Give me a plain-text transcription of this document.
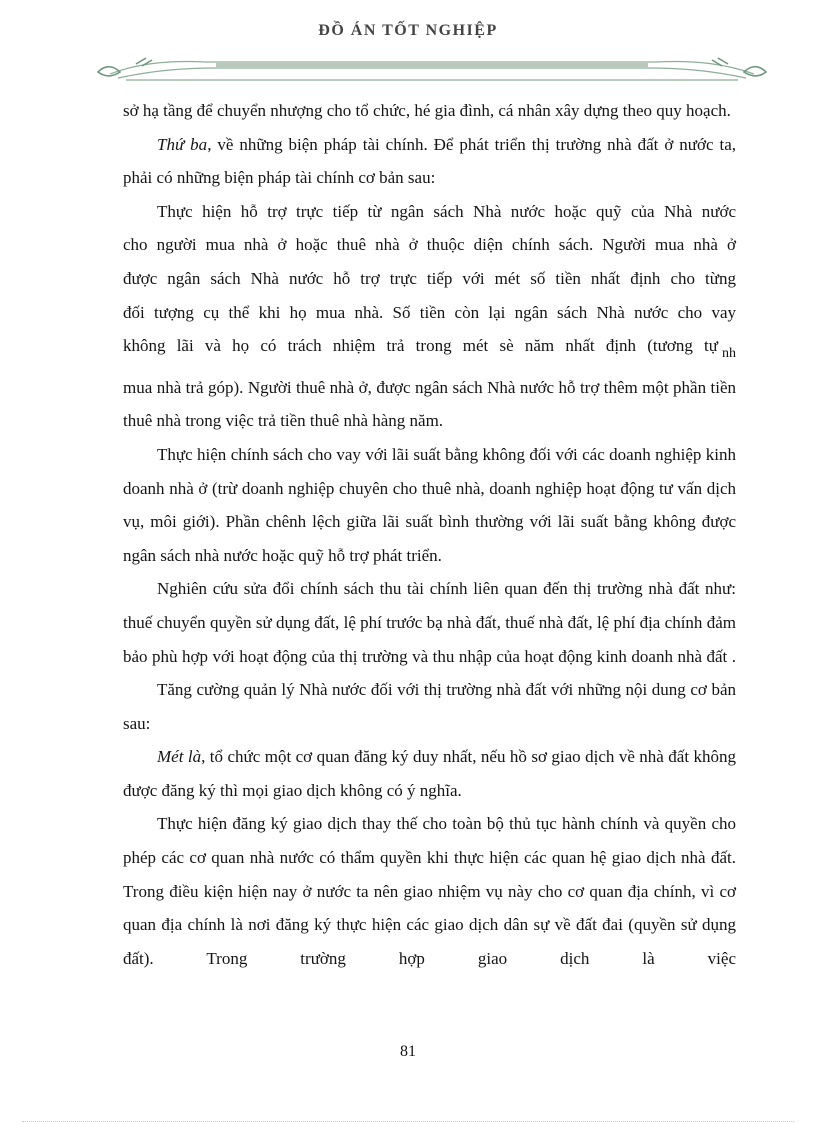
ĐỒ ÁN TỐT NGHIỆP

sở hạ tầng để chuyển nhượng cho tổ chức, hé gia đình, cá nhân xây dựng theo quy hoạch.

Thứ ba, về những biện pháp tài chính. Để phát triển thị trường nhà đất ở nước ta, phải có những biện pháp tài chính cơ bản sau:

Thực hiện hỗ trợ trực tiếp từ ngân sách Nhà nước hoặc quỹ của Nhà nước

cho người mua nhà ở hoặc thuê nhà ở thuộc diện chính sách. Người mua nhà ở

được ngân sách Nhà nước hỗ trợ trực tiếp với mét số tiền nhất định cho từng

đối tượng cụ thể khi họ mua nhà. Số tiền còn lại ngân sách Nhà nước cho vay

không lãi và họ có trách nhiệm trả trong mét sè năm nhất định (tương tự $_{nh}$

mua nhà trả góp). Người thuê nhà ở, được ngân sách Nhà nước hỗ trợ thêm một phần tiền thuê nhà trong việc trả tiền thuê nhà hàng năm.

Thực hiện chính sách cho vay với lãi suất bằng không đối với các doanh nghiệp kinh doanh nhà ở (trừ doanh nghiệp chuyên cho thuê nhà, doanh nghiệp hoạt động tư vấn dịch vụ, môi giới). Phần chênh lệch giữa lãi suất bình thường với lãi suất bằng không được ngân sách nhà nước hoặc quỹ hỗ trợ phát triển.

Nghiên cứu sửa đổi chính sách thu tài chính liên quan đến thị trường nhà đất như: thuế chuyển quyền sử dụng đất, lệ phí trước bạ nhà đất, thuế nhà đất, lệ phí địa chính đảm bảo phù hợp với hoạt động của thị trường và thu nhập của hoạt động kinh doanh nhà đất .

Tăng cường quản lý Nhà nước đối với thị trường nhà đất với những nội dung cơ bản sau:

Mét là, tổ chức một cơ quan đăng ký duy nhất, nếu hồ sơ giao dịch về nhà đất không được đăng ký thì mọi giao dịch không có ý nghĩa.

Thực hiện đăng ký giao dịch thay thế cho toàn bộ thủ tục hành chính và quyền cho phép các cơ quan nhà nước có thẩm quyền khi thực hiện các quan hệ giao dịch nhà đất. Trong điều kiện hiện nay ở nước ta nên giao nhiệm vụ này cho cơ quan địa chính, vì cơ quan địa chính là nơi đăng ký thực hiện các giao dịch dân sự về đất đai (quyền sử dụng đất). Trong trường hợp giao dịch là việc

81
